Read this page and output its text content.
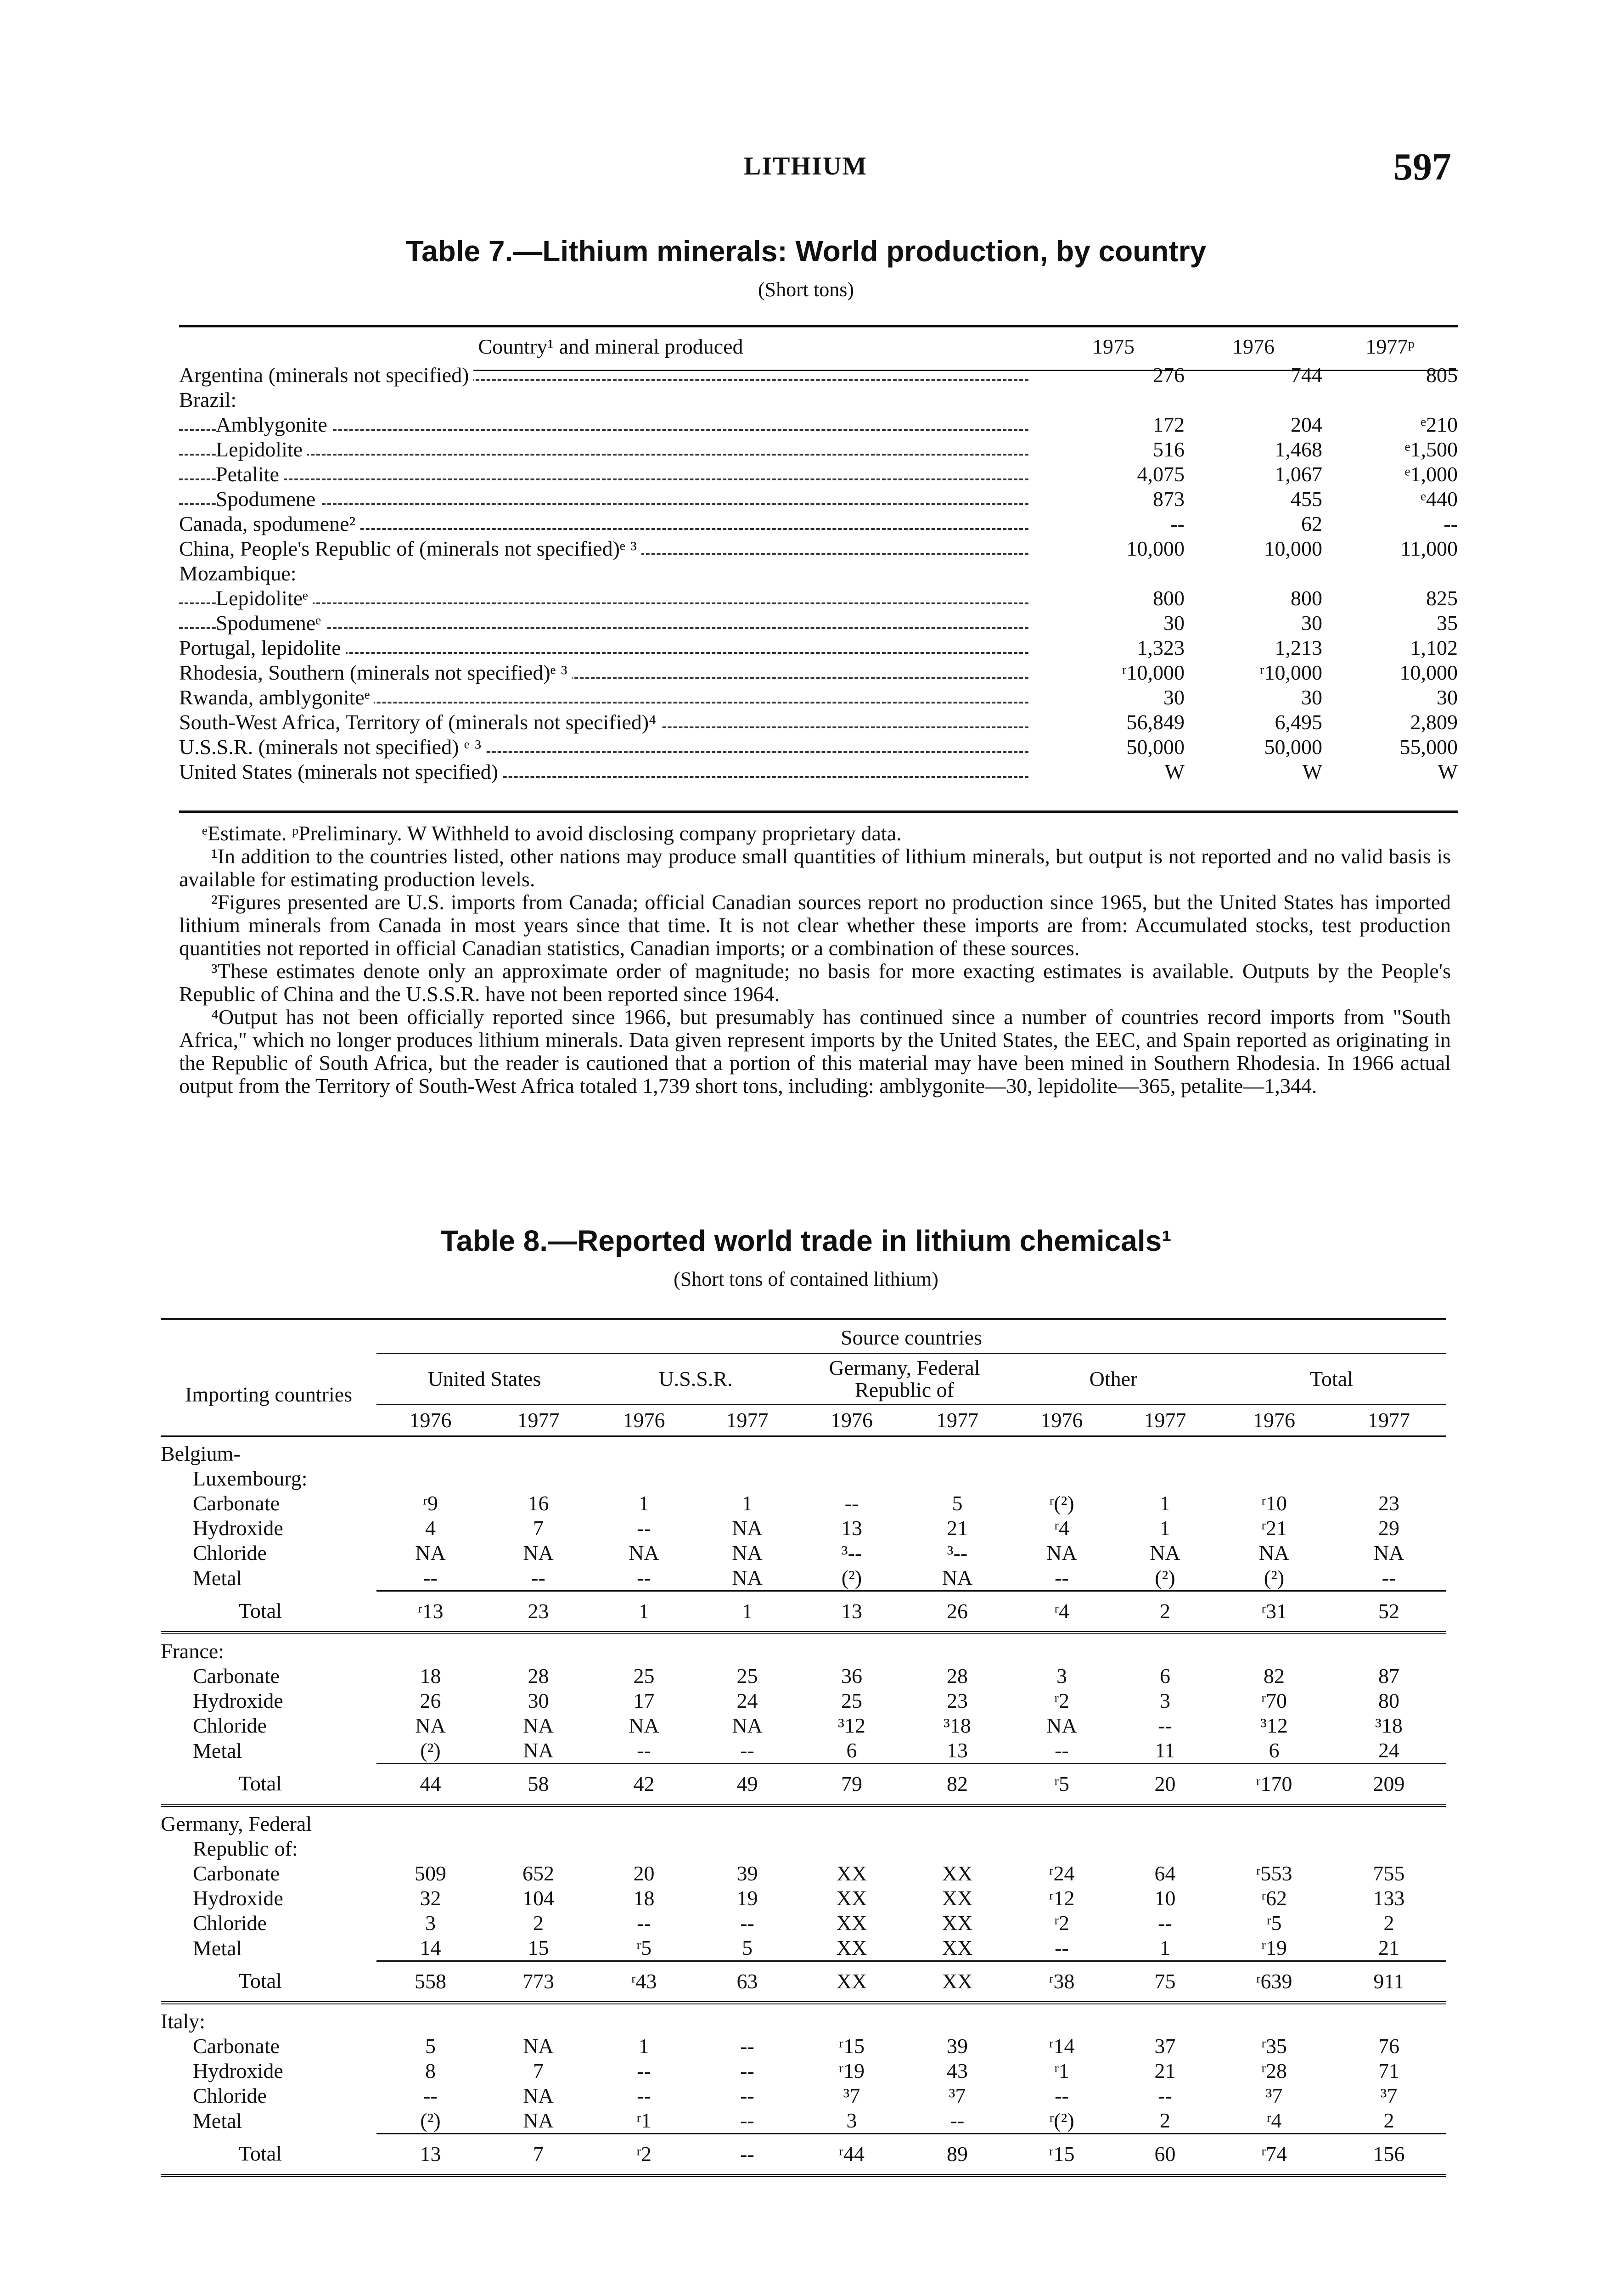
LITHIUM	597
Table 7.—Lithium minerals: World production, by country
(Short tons)
Country¹ and mineral produced	1975	1976	1977ᵖ
Argentina (minerals not specified)	276	744	805
Brazil:			
Amblygonite	172	204	ᵉ210
Lepidolite	516	1,468	ᵉ1,500
Petalite	4,075	1,067	ᵉ1,000
Spodumene	873	455	ᵉ440
Canada, spodumene²	--	62	--
China, People's Republic of (minerals not specified)ᵉ ³	10,000	10,000	11,000
Mozambique:			
Lepidoliteᵉ	800	800	825
Spodumeneᵉ	30	30	35
Portugal, lepidolite	1,323	1,213	1,102
Rhodesia, Southern (minerals not specified)ᵉ ³	ʳ10,000	ʳ10,000	10,000
Rwanda, amblygoniteᵉ	30	30	30
South-West Africa, Territory of (minerals not specified)⁴	56,849	6,495	2,809
U.S.S.R. (minerals not specified) ᵉ ³	50,000	50,000	55,000
United States (minerals not specified)	W	W	W

ᵉEstimate. ᵖPreliminary. W Withheld to avoid disclosing company proprietary data.

¹In addition to the countries listed, other nations may produce small quantities of lithium minerals, but output is not reported and no valid basis is available for estimating production levels.

²Figures presented are U.S. imports from Canada; official Canadian sources report no production since 1965, but the United States has imported lithium minerals from Canada in most years since that time. It is not clear whether these imports are from: Accumulated stocks, test production quantities not reported in official Canadian statistics, Canadian imports; or a combination of these sources.

³These estimates denote only an approximate order of magnitude; no basis for more exacting estimates is available. Outputs by the People's Republic of China and the U.S.S.R. have not been reported since 1964.

⁴Output has not been officially reported since 1966, but presumably has continued since a number of countries record imports from "South Africa," which no longer produces lithium minerals. Data given represent imports by the United States, the EEC, and Spain reported as originating in the Republic of South Africa, but the reader is cautioned that a portion of this material may have been mined in Southern Rhodesia. In 1966 actual output from the Territory of South-West Africa totaled 1,739 short tons, including: amblygonite—30, lepidolite—365, petalite—1,344.

Table 8.—Reported world trade in lithium chemicals¹
(Short tons of contained lithium)
	Source countries									
Importing countries	United States		U.S.S.R.		Germany, Federal Republic of		Other		Total	
	1976	1977	1976	1977	1976	1977	1976	1977	1976	1977
Belgium-										
Luxembourg:										
Carbonate	ʳ9	16	1	1	--	5	ʳ(²)	1	ʳ10	23
Hydroxide	4	7	--	NA	13	21	ʳ4	1	ʳ21	29
Chloride	NA	NA	NA	NA	³--	³--	NA	NA	NA	NA
Metal	--	--	--	NA	(²)	NA	--	(²)	(²)	--
Total	ʳ13	23	1	1	13	26	ʳ4	2	ʳ31	52
France:										
Carbonate	18	28	25	25	36	28	3	6	82	87
Hydroxide	26	30	17	24	25	23	ʳ2	3	ʳ70	80
Chloride	NA	NA	NA	NA	³12	³18	NA	--	³12	³18
Metal	(²)	NA	--	--	6	13	--	11	6	24
Total	44	58	42	49	79	82	ʳ5	20	ʳ170	209
Germany, Federal										
Republic of:										
Carbonate	509	652	20	39	XX	XX	ʳ24	64	ʳ553	755
Hydroxide	32	104	18	19	XX	XX	ʳ12	10	ʳ62	133
Chloride	3	2	--	--	XX	XX	ʳ2	--	ʳ5	2
Metal	14	15	ʳ5	5	XX	XX	--	1	ʳ19	21
Total	558	773	ʳ43	63	XX	XX	ʳ38	75	ʳ639	911
Italy:										
Carbonate	5	NA	1	--	ʳ15	39	ʳ14	37	ʳ35	76
Hydroxide	8	7	--	--	ʳ19	43	ʳ1	21	ʳ28	71
Chloride	--	NA	--	--	³7	³7	--	--	³7	³7
Metal	(²)	NA	ʳ1	--	3	--	ʳ(²)	2	ʳ4	2
Total	13	7	ʳ2	--	ʳ44	89	ʳ15	60	ʳ74	156
